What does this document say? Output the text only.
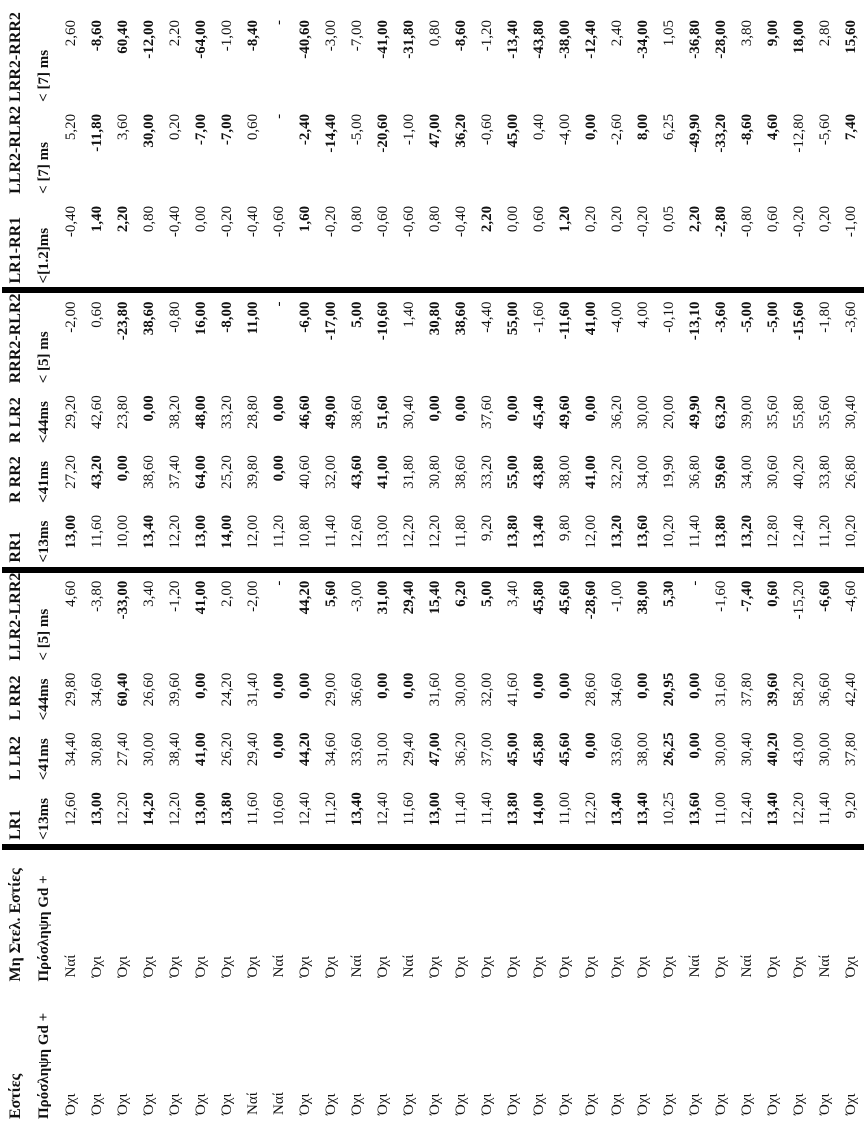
Εστίες	Μη Στελ. Εστίες	LR1	L LR2	L RR2	LLR2-LRR2	RR1	R RR2	R LR2	RRR2-RLR2	LR1-RR1	LLR2-RLR2	LRR2-RRR2
Πρόσληψη Gd +	Πρόσληψη Gd +	<13ms	<41ms	<44ms	< [5] ms	<13ms	<41ms	<44ms	< [5] ms	<[1.2]ms	< [7] ms	< [7] ms
Όχι	Ναί	12,60	34,40	29,80	4,60	13,00	27,20	29,20	-2,00	-0,40	5,20	2,60
Όχι	Όχι	13,00	30,80	34,60	-3,80	11,60	43,20	42,60	0,60	1,40	-11,80	-8,60
Όχι	Όχι	12,20	27,40	60,40	-33,00	10,00	0,00	23,80	-23,80	2,20	3,60	60,40
Όχι	Όχι	14,20	30,00	26,60	3,40	13,40	38,60	0,00	38,60	0,80	30,00	-12,00
Όχι	Όχι	12,20	38,40	39,60	-1,20	12,20	37,40	38,20	-0,80	-0,40	0,20	2,20
Όχι	Όχι	13,00	41,00	0,00	41,00	13,00	64,00	48,00	16,00	0,00	-7,00	-64,00
Όχι	Όχι	13,80	26,20	24,20	2,00	14,00	25,20	33,20	-8,00	-0,20	-7,00	-1,00
Ναί	Όχι	11,60	29,40	31,40	-2,00	12,00	39,80	28,80	11,00	-0,40	0,60	-8,40
Ναί	Ναί	10,60	0,00	0,00	-	11,20	0,00	0,00	-	-0,60	-	-
Όχι	Όχι	12,40	44,20	0,00	44,20	10,80	40,60	46,60	-6,00	1,60	-2,40	-40,60
Όχι	Όχι	11,20	34,60	29,00	5,60	11,40	32,00	49,00	-17,00	-0,20	-14,40	-3,00
Όχι	Ναί	13,40	33,60	36,60	-3,00	12,60	43,60	38,60	5,00	0,80	-5,00	-7,00
Όχι	Όχι	12,40	31,00	0,00	31,00	13,00	41,00	51,60	-10,60	-0,60	-20,60	-41,00
Όχι	Ναί	11,60	29,40	0,00	29,40	12,20	31,80	30,40	1,40	-0,60	-1,00	-31,80
Όχι	Όχι	13,00	47,00	31,60	15,40	12,20	30,80	0,00	30,80	0,80	47,00	0,80
Όχι	Όχι	11,40	36,20	30,00	6,20	11,80	38,60	0,00	38,60	-0,40	36,20	-8,60
Όχι	Όχι	11,40	37,00	32,00	5,00	9,20	33,20	37,60	-4,40	2,20	-0,60	-1,20
Όχι	Όχι	13,80	45,00	41,60	3,40	13,80	55,00	0,00	55,00	0,00	45,00	-13,40
Όχι	Όχι	14,00	45,80	0,00	45,80	13,40	43,80	45,40	-1,60	0,60	0,40	-43,80
Όχι	Όχι	11,00	45,60	0,00	45,60	9,80	38,00	49,60	-11,60	1,20	-4,00	-38,00
Όχι	Όχι	12,20	0,00	28,60	-28,60	12,00	41,00	0,00	41,00	0,20	0,00	-12,40
Όχι	Όχι	13,40	33,60	34,60	-1,00	13,20	32,20	36,20	-4,00	0,20	-2,60	2,40
Όχι	Όχι	13,40	38,00	0,00	38,00	13,60	34,00	30,00	4,00	-0,20	8,00	-34,00
Όχι	Όχι	10,25	26,25	20,95	5,30	10,20	19,90	20,00	-0,10	0,05	6,25	1,05
Όχι	Ναί	13,60	0,00	0,00	-	11,40	36,80	49,90	-13,10	2,20	-49,90	-36,80
Όχι	Όχι	11,00	30,00	31,60	-1,60	13,80	59,60	63,20	-3,60	-2,80	-33,20	-28,00
Όχι	Ναί	12,40	30,40	37,80	-7,40	13,20	34,00	39,00	-5,00	-0,80	-8,60	3,80
Όχι	Όχι	13,40	40,20	39,60	0,60	12,80	30,60	35,60	-5,00	0,60	4,60	9,00
Όχι	Όχι	12,20	43,00	58,20	-15,20	12,40	40,20	55,80	-15,60	-0,20	-12,80	18,00
Όχι	Ναί	11,40	30,00	36,60	-6,60	11,20	33,80	35,60	-1,80	0,20	-5,60	2,80
Όχι	Όχι	9,20	37,80	42,40	-4,60	10,20	26,80	30,40	-3,60	-1,00	7,40	15,60
